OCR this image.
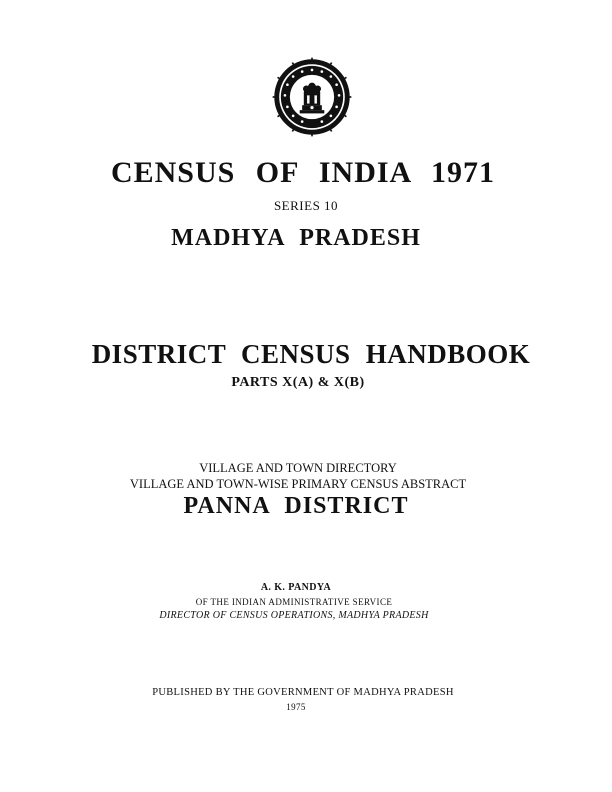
CENSUS OF INDIA 1971
SERIES 10
MADHYA PRADESH
DISTRICT CENSUS HANDBOOK
PARTS X(A) & X(B)
VILLAGE AND TOWN DIRECTORY
VILLAGE AND TOWN-WISE PRIMARY CENSUS ABSTRACT
PANNA DISTRICT
A. K. PANDYA
OF THE INDIAN ADMINISTRATIVE SERVICE
DIRECTOR OF CENSUS OPERATIONS, MADHYA PRADESH
PUBLISHED BY THE GOVERNMENT OF MADHYA PRADESH
1975
